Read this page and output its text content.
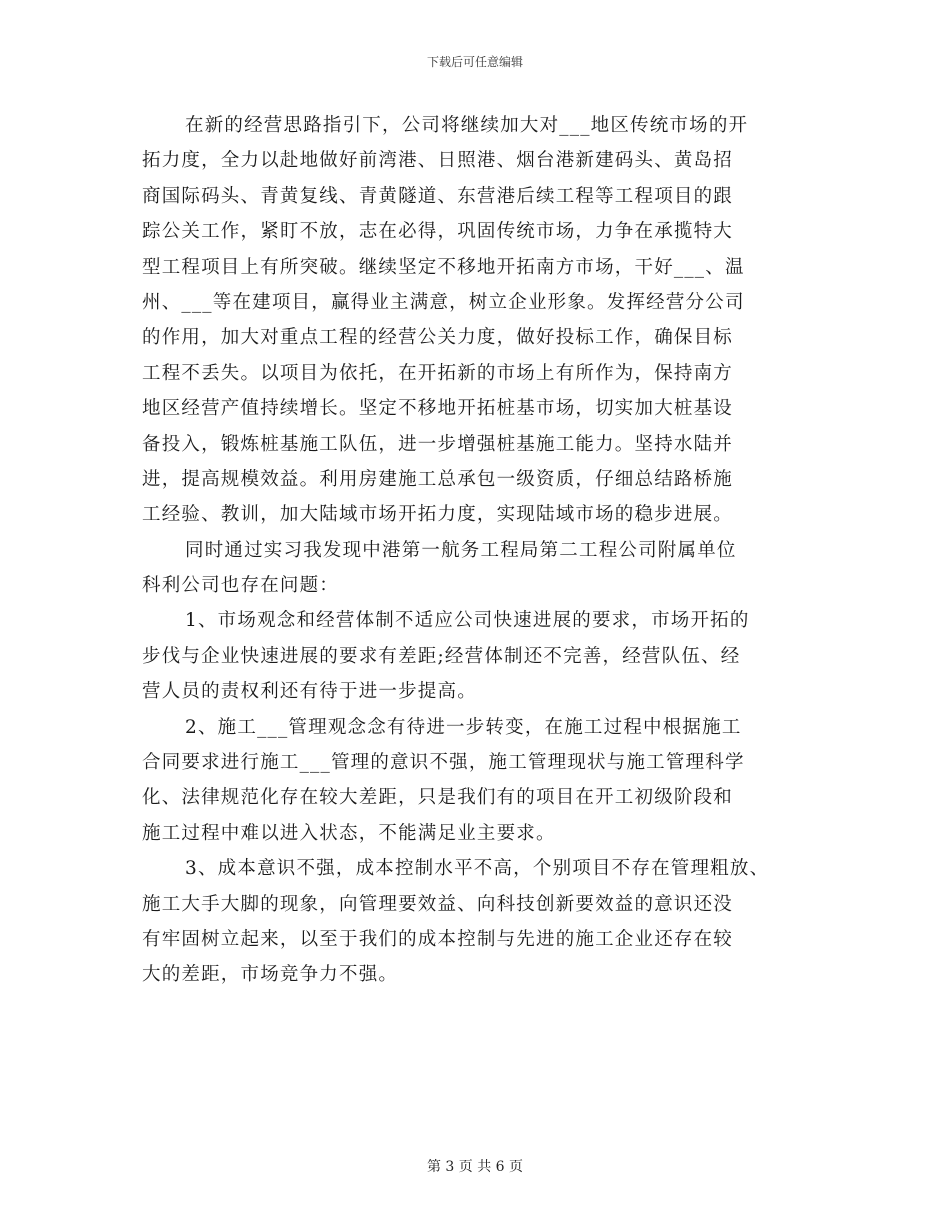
下载后可任意编辑
在新的经营思路指引下，公司将继续加大对___地区传统市场的开
拓力度，全力以赴地做好前湾港、日照港、烟台港新建码头、黄岛招
商国际码头、青黄复线、青黄隧道、东营港后续工程等工程项目的跟
踪公关工作，紧盯不放，志在必得，巩固传统市场，力争在承揽特大
型工程项目上有所突破。继续坚定不移地开拓南方市场，干好___、温
州、___等在建项目，赢得业主满意，树立企业形象。发挥经营分公司
的作用，加大对重点工程的经营公关力度，做好投标工作，确保目标
工程不丢失。以项目为依托，在开拓新的市场上有所作为，保持南方
地区经营产值持续增长。坚定不移地开拓桩基市场，切实加大桩基设
备投入，锻炼桩基施工队伍，进一步增强桩基施工能力。坚持水陆并
进，提高规模效益。利用房建施工总承包一级资质，仔细总结路桥施
工经验、教训，加大陆域市场开拓力度，实现陆域市场的稳步进展。
同时通过实习我发现中港第一航务工程局第二工程公司附属单位
科利公司也存在问题：
1、市场观念和经营体制不适应公司快速进展的要求，市场开拓的
步伐与企业快速进展的要求有差距;经营体制还不完善，经营队伍、经
营人员的责权利还有待于进一步提高。
2、施工___管理观念念有待进一步转变，在施工过程中根据施工
合同要求进行施工___管理的意识不强，施工管理现状与施工管理科学
化、法律规范化存在较大差距，只是我们有的项目在开工初级阶段和
施工过程中难以进入状态，不能满足业主要求。
3、成本意识不强，成本控制水平不高，个别项目不存在管理粗放、
施工大手大脚的现象，向管理要效益、向科技创新要效益的意识还没
有牢固树立起来，以至于我们的成本控制与先进的施工企业还存在较
大的差距，市场竞争力不强。
第 3 页 共 6 页
